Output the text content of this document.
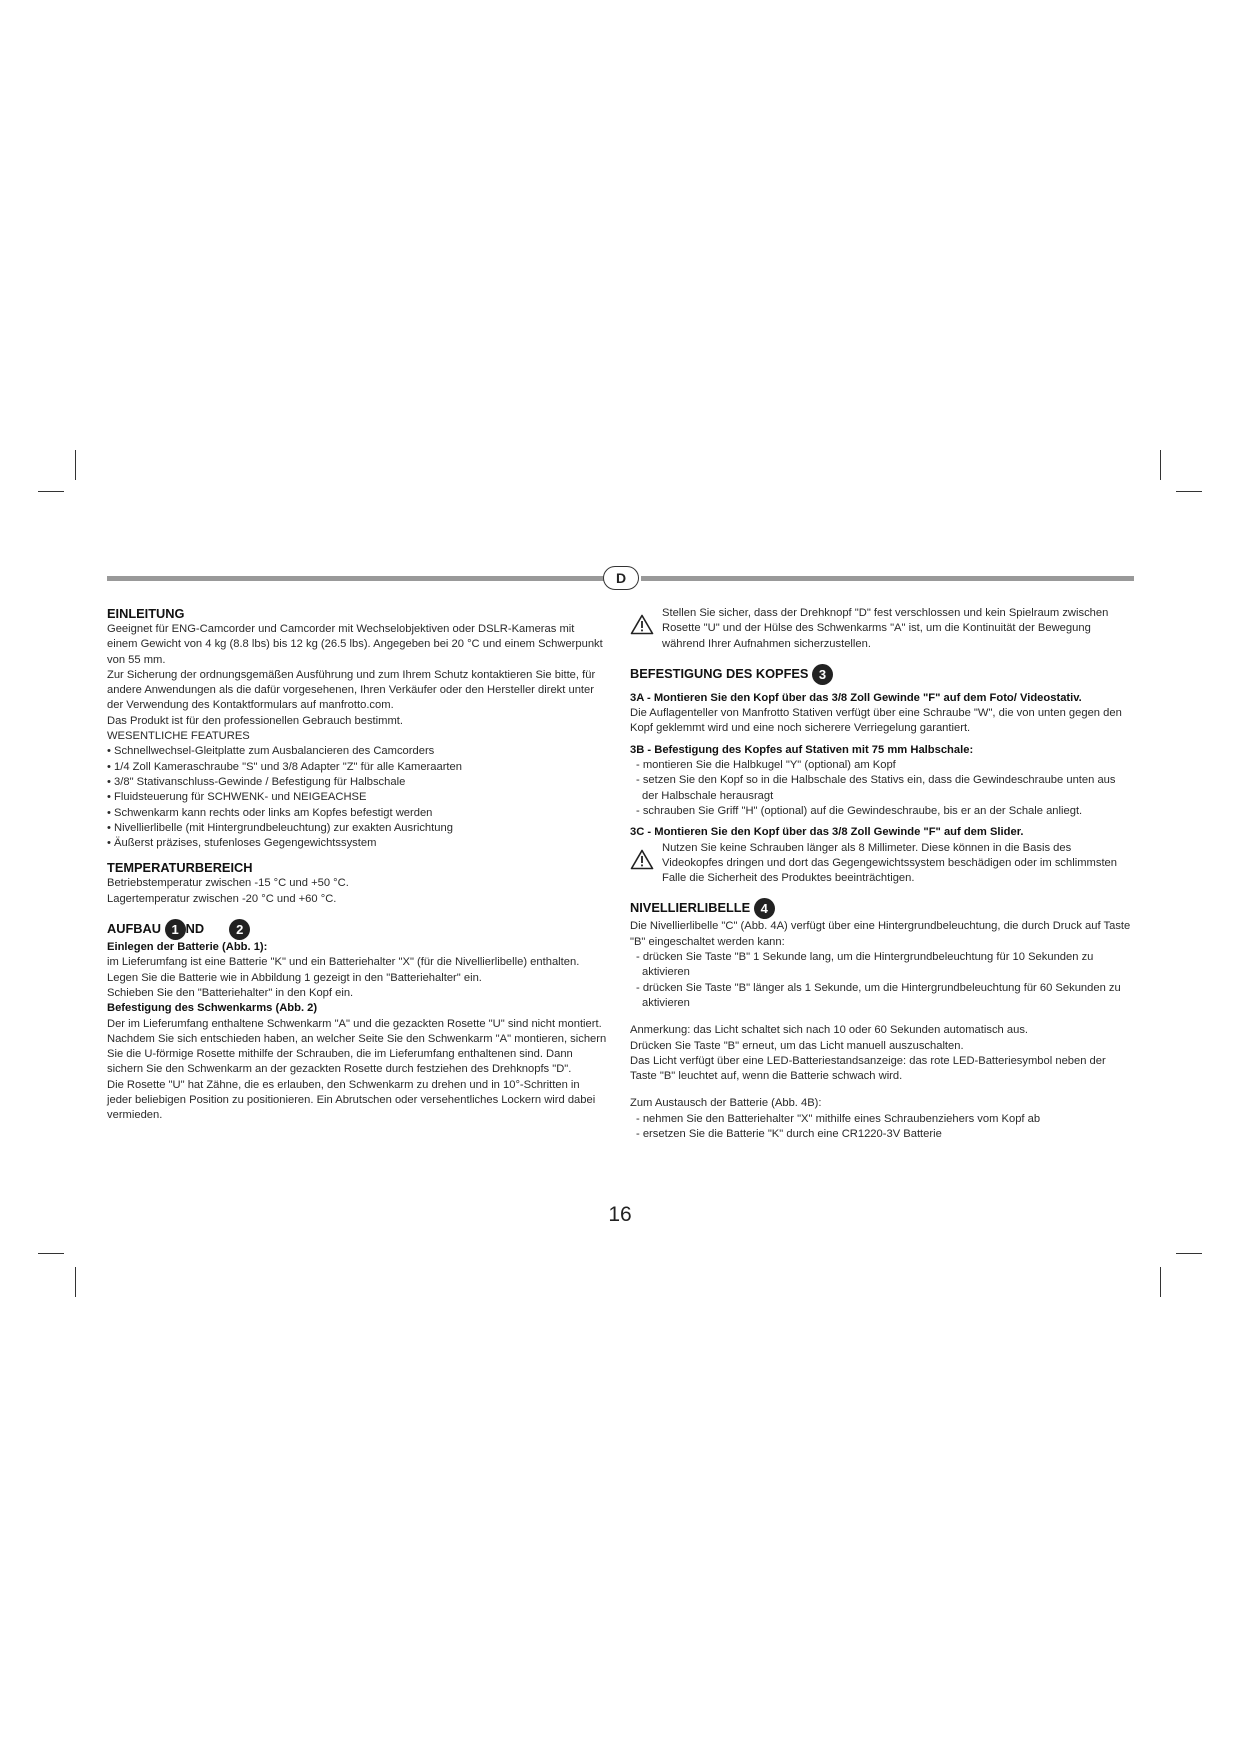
D

EINLEITUNG

Geeignet für ENG-Camcorder und Camcorder mit Wechselobjektiven oder DSLR-Kameras mit einem Gewicht von 4 kg (8.8 lbs) bis 12 kg (26.5 lbs). Angegeben bei 20 °C und einem Schwerpunkt von 55 mm.

Zur Sicherung der ordnungsgemäßen Ausführung und zum Ihrem Schutz kontaktieren Sie bitte, für andere Anwendungen als die dafür vorgesehenen, Ihren Verkäufer oder den Hersteller direkt unter der Verwendung des Kontaktformulars auf manfrotto.com.

Das Produkt ist für den professionellen Gebrauch bestimmt.

WESENTLICHE FEATURES

• Schnellwechsel-Gleitplatte zum Ausbalancieren des Camcorders

• 1/4 Zoll Kameraschraube "S" und 3/8 Adapter "Z" für alle Kameraarten

• 3/8" Stativanschluss-Gewinde / Befestigung für Halbschale

• Fluidsteuerung für SCHWENK- und NEIGEACHSE

• Schwenkarm kann rechts oder links am Kopfes befestigt werden

• Nivellierlibelle (mit Hintergrundbeleuchtung) zur exakten Ausrichtung

• Äußerst präzises, stufenloses Gegengewichtssystem

TEMPERATURBEREICH

Betriebstemperatur zwischen -15 °C und +50 °C.

Lagertemperatur zwischen -20 °C und +60 °C.

AUFBAU 1 ND 2

Einlegen der Batterie (Abb. 1):

im Lieferumfang ist eine Batterie "K" und ein Batteriehalter "X" (für die Nivellierlibelle) enthalten.

Legen Sie die Batterie wie in Abbildung 1 gezeigt in den "Batteriehalter" ein.

Schieben Sie den "Batteriehalter" in den Kopf ein.

Befestigung des Schwenkarms (Abb. 2)

Der im Lieferumfang enthaltene Schwenkarm "A" und die gezackten Rosette "U" sind nicht montiert. Nachdem Sie sich entschieden haben, an welcher Seite Sie den Schwenkarm "A" montieren, sichern Sie die U-förmige Rosette mithilfe der Schrauben, die im Lieferumfang enthaltenen sind. Dann sichern Sie den Schwenkarm an der gezackten Rosette durch festziehen des Drehknopfs "D".

Die Rosette "U" hat Zähne, die es erlauben, den Schwenkarm zu drehen und in 10°-Schritten in jeder beliebigen Position zu positionieren. Ein Abrutschen oder versehentliches Lockern wird dabei vermieden.

Stellen Sie sicher, dass der Drehknopf "D" fest verschlossen und kein Spielraum zwischen Rosette "U" und der Hülse des Schwenkarms "A" ist, um die Kontinuität der Bewegung während Ihrer Aufnahmen sicherzustellen.

BEFESTIGUNG DES KOPFES 3

3A - Montieren Sie den Kopf über das 3/8 Zoll Gewinde "F" auf dem Foto/ Videostativ.

Die Auflagenteller von Manfrotto Stativen verfügt über eine Schraube "W", die von unten gegen den Kopf geklemmt wird und eine noch sicherere Verriegelung garantiert.

3B - Befestigung des Kopfes auf Stativen mit 75 mm Halbschale:

- montieren Sie die Halbkugel "Y" (optional) am Kopf

- setzen Sie den Kopf so in die Halbschale des Stativs ein, dass die Gewindeschraube unten aus der Halbschale herausragt

- schrauben Sie Griff "H" (optional) auf die Gewindeschraube, bis er an der Schale anliegt.

3C - Montieren Sie den Kopf über das 3/8 Zoll Gewinde "F" auf dem Slider.

Nutzen Sie keine Schrauben länger als 8 Millimeter. Diese können in die Basis des Videokopfes dringen und dort das Gegengewichtssystem beschädigen oder im schlimmsten Falle die Sicherheit des Produktes beeinträchtigen.

NIVELLIERLIBELLE 4

Die Nivellierlibelle "C" (Abb. 4A) verfügt über eine Hintergrundbeleuchtung, die durch Druck auf Taste "B" eingeschaltet werden kann:

- drücken Sie Taste "B" 1 Sekunde lang, um die Hintergrundbeleuchtung für 10 Sekunden zu aktivieren

- drücken Sie Taste "B" länger als 1 Sekunde, um die Hintergrundbeleuchtung für 60 Sekunden zu aktivieren

Anmerkung: das Licht schaltet sich nach 10 oder 60 Sekunden automatisch aus.

Drücken Sie Taste "B" erneut, um das Licht manuell auszuschalten.

Das Licht verfügt über eine LED-Batteriestandsanzeige: das rote LED-Batteriesymbol neben der Taste "B" leuchtet auf, wenn die Batterie schwach wird.

Zum Austausch der Batterie (Abb. 4B):

- nehmen Sie den Batteriehalter "X" mithilfe eines Schraubenziehers vom Kopf ab

- ersetzen Sie die Batterie "K" durch eine CR1220-3V Batterie

16
